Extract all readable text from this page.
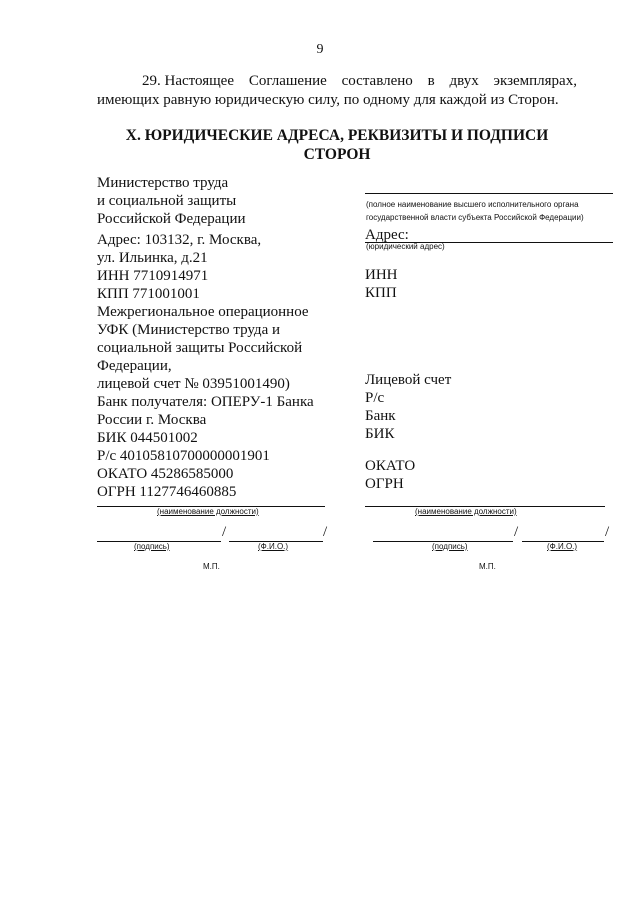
9
29. Настоящее Соглашение составлено в двух экземплярах,
имеющих равную юридическую силу, по одному для каждой из Сторон.
X. ЮРИДИЧЕСКИЕ АДРЕСА, РЕКВИЗИТЫ И ПОДПИСИ СТОРОН
Министерство труда
и социальной защиты
Российской Федерации
Адрес: 103132, г. Москва,
ул. Ильинка, д.21
ИНН 7710914971
КПП 771001001
Межрегиональное операционное
УФК (Министерство труда и
социальной защиты Российской
Федерации,
лицевой счет № 03951001490)
Банк получателя: ОПЕРУ-1 Банка
России г. Москва
БИК 044501002
Р/с 40105810700000001901
ОКАТО 45286585000
ОГРН 1127746460885
(наименование должности)
/	/
(подпись)	(Ф.И.О.)
М.П.
(полное наименование высшего исполнительного органа
государственной власти субъекта Российской Федерации)
Адрес:
(юридический адрес)
ИНН
КПП
Лицевой счет
Р/с
Банк
БИК
ОКАТО
ОГРН
(наименование должности)
/	/
(подпись)	(Ф.И.О.)
М.П.
